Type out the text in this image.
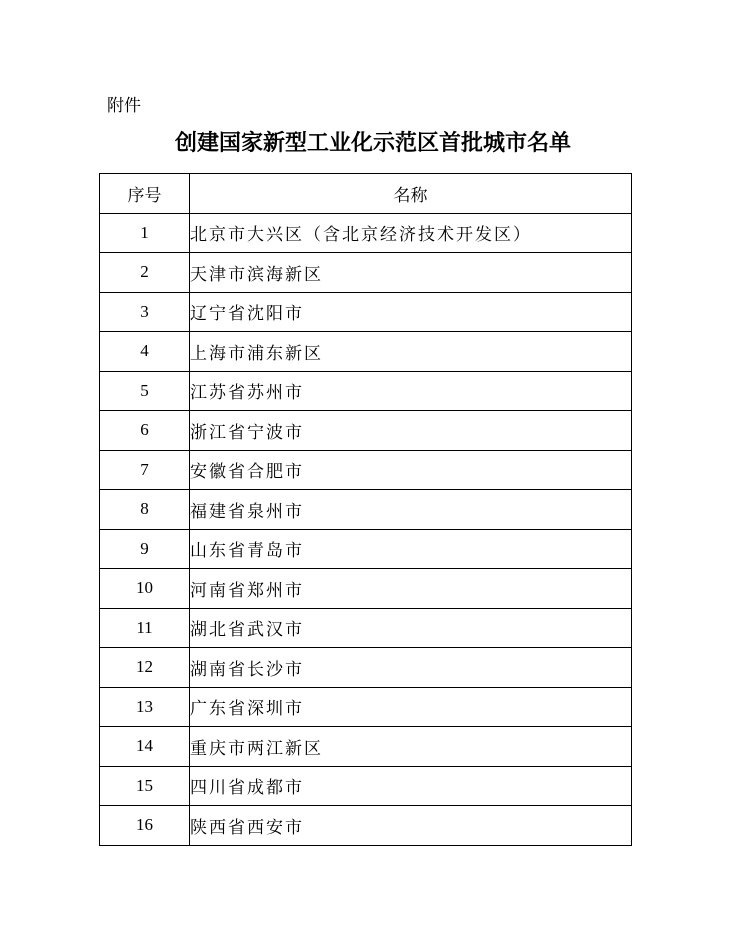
附件
创建国家新型工业化示范区首批城市名单
序号	名称
1	北京市大兴区（含北京经济技术开发区）
2	天津市滨海新区
3	辽宁省沈阳市
4	上海市浦东新区
5	江苏省苏州市
6	浙江省宁波市
7	安徽省合肥市
8	福建省泉州市
9	山东省青岛市
10	河南省郑州市
11	湖北省武汉市
12	湖南省长沙市
13	广东省深圳市
14	重庆市两江新区
15	四川省成都市
16	陕西省西安市
